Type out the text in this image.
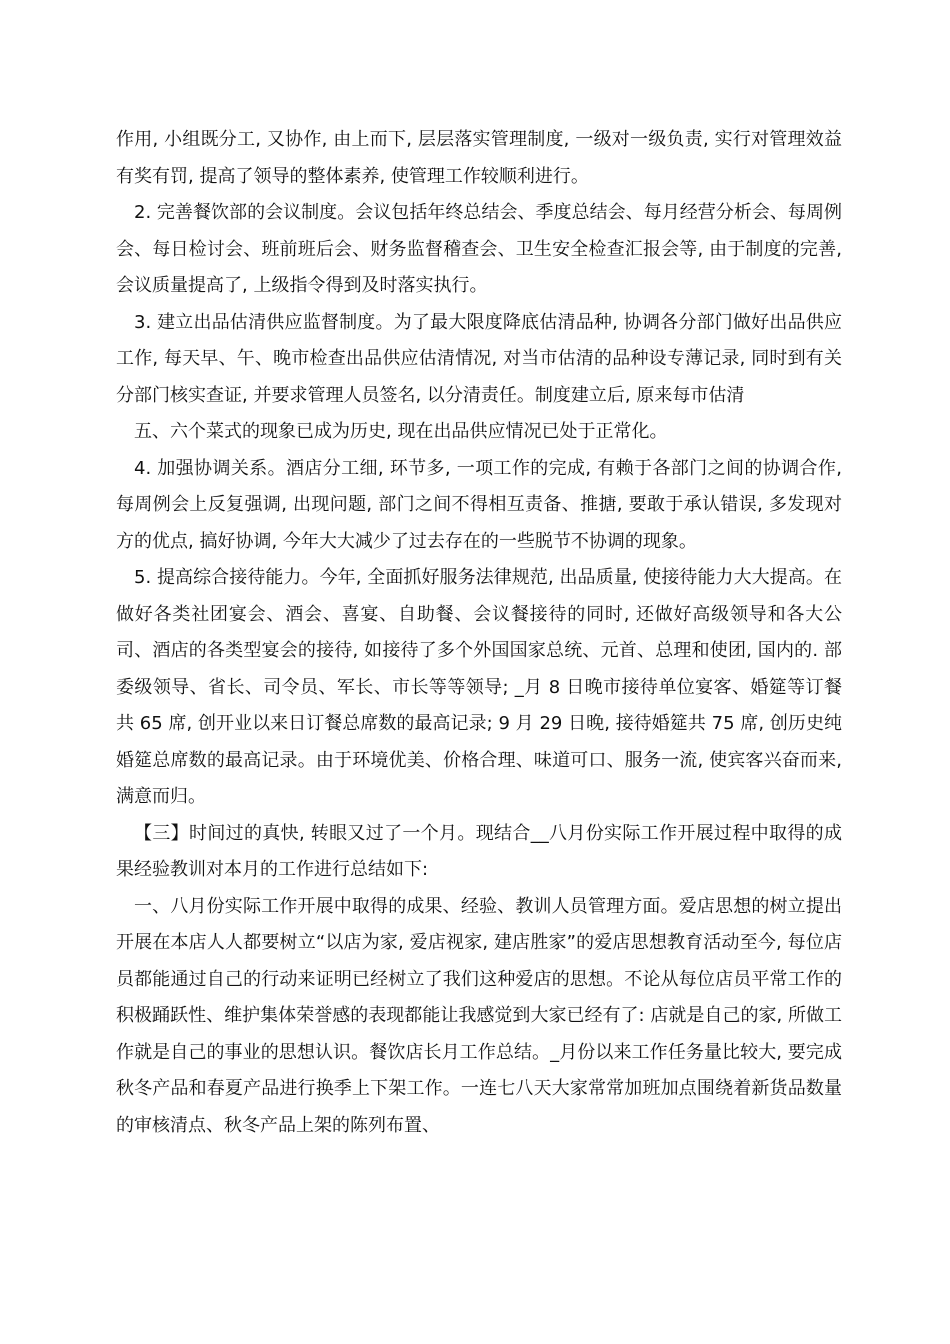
作用, 小组既分工, 又协作, 由上而下, 层层落实管理制度, 一级对一级负责, 实行对管理效益有奖有罚, 提高了领导的整体素养, 使管理工作较顺利进行。

2. 完善餐饮部的会议制度。会议包括年终总结会、季度总结会、每月经营分析会、每周例会、每日检讨会、班前班后会、财务监督稽查会、卫生安全检查汇报会等, 由于制度的完善, 会议质量提高了, 上级指令得到及时落实执行。

3. 建立出品估清供应监督制度。为了最大限度降底估清品种, 协调各分部门做好出品供应工作, 每天早、午、晚市检查出品供应估清情况, 对当市估清的品种设专薄记录, 同时到有关分部门核实查证, 并要求管理人员签名, 以分清责任。制度建立后, 原来每市估清

五、六个菜式的现象已成为历史, 现在出品供应情况已处于正常化。

4. 加强协调关系。酒店分工细, 环节多, 一项工作的完成, 有赖于各部门之间的协调合作, 每周例会上反复强调, 出现问题, 部门之间不得相互责备、推搪, 要敢于承认错误, 多发现对方的优点, 搞好协调, 今年大大减少了过去存在的一些脱节不协调的现象。

5. 提高综合接待能力。今年, 全面抓好服务法律规范, 出品质量, 使接待能力大大提高。在做好各类社团宴会、酒会、喜宴、自助餐、会议餐接待的同时, 还做好高级领导和各大公司、酒店的各类型宴会的接待, 如接待了多个外国国家总统、元首、总理和使团, 国内的. 部委级领导、省长、司令员、军长、市长等等领导; _月 8 日晚市接待单位宴客、婚筵等订餐共 65 席, 创开业以来日订餐总席数的最高记录; 9 月 29 日晚, 接待婚筵共 75 席, 创历史纯婚筵总席数的最高记录。由于环境优美、价格合理、味道可口、服务一流, 使宾客兴奋而来, 满意而归。

【三】时间过的真快, 转眼又过了一个月。现结合__八月份实际工作开展过程中取得的成果经验教训对本月的工作进行总结如下:

一、八月份实际工作开展中取得的成果、经验、教训人员管理方面。爱店思想的树立提出开展在本店人人都要树立“以店为家, 爱店视家, 建店胜家”的爱店思想教育活动至今, 每位店员都能通过自己的行动来证明已经树立了我们这种爱店的思想。不论从每位店员平常工作的积极踊跃性、维护集体荣誉感的表现都能让我感觉到大家已经有了: 店就是自己的家, 所做工作就是自己的事业的思想认识。餐饮店长月工作总结。_月份以来工作任务量比较大, 要完成秋冬产品和春夏产品进行换季上下架工作。一连七八天大家常常加班加点围绕着新货品数量的审核清点、秋冬产品上架的陈列布置、
